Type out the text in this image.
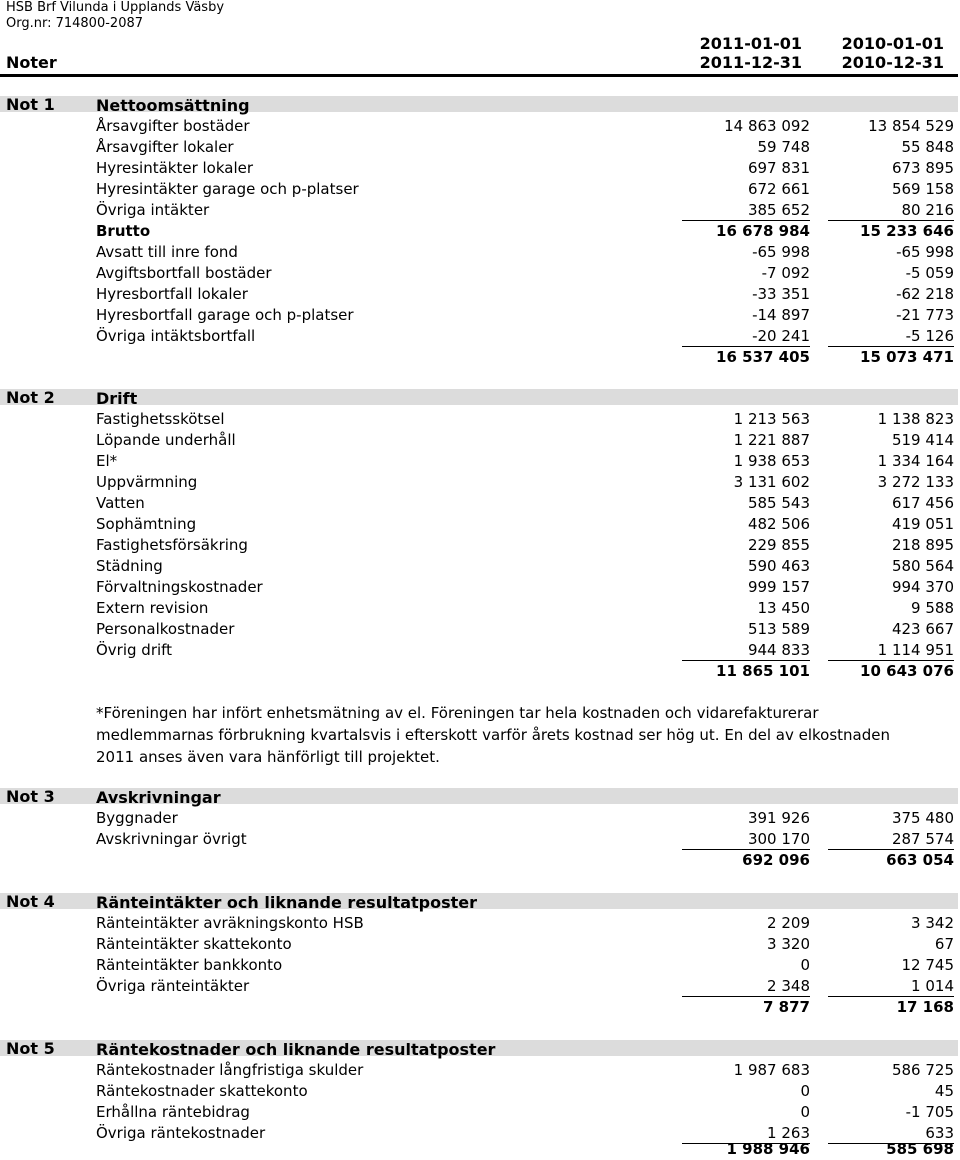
HSB Brf Vilunda i Upplands Väsby
Org.nr: 714800-2087
2011-01-01
2011-12-31
2010-01-01
2010-12-31
Noter
Not 1	Nettoomsättning
Årsavgifter bostäder	14 863 092	13 854 529
Årsavgifter lokaler	59 748	55 848
Hyresintäkter lokaler	697 831	673 895
Hyresintäkter garage och p-platser	672 661	569 158
Övriga intäkter	385 652	80 216
Brutto	16 678 984	15 233 646
Avsatt till inre fond	-65 998	-65 998
Avgiftsbortfall bostäder	-7 092	-5 059
Hyresbortfall lokaler	-33 351	-62 218
Hyresbortfall garage och p-platser	-14 897	-21 773
Övriga intäktsbortfall	-20 241	-5 126
16 537 405	15 073 471
Not 2	Drift
Fastighetsskötsel	1 213 563	1 138 823
Löpande underhåll	1 221 887	519 414
El*	1 938 653	1 334 164
Uppvärmning	3 131 602	3 272 133
Vatten	585 543	617 456
Sophämtning	482 506	419 051
Fastighetsförsäkring	229 855	218 895
Städning	590 463	580 564
Förvaltningskostnader	999 157	994 370
Extern revision	13 450	9 588
Personalkostnader	513 589	423 667
Övrig drift	944 833	1 114 951
11 865 101	10 643 076
*Föreningen har infört enhetsmätning av el. Föreningen tar hela kostnaden och vidarefakturerar
medlemmarnas förbrukning kvartalsvis i efterskott varför årets kostnad ser hög ut. En del av elkostnaden
2011 anses även vara hänförligt till projektet.
Not 3	Avskrivningar
Byggnader	391 926	375 480
Avskrivningar övrigt	300 170	287 574
692 096	663 054
Not 4	Ränteintäkter och liknande resultatposter
Ränteintäkter avräkningskonto HSB	2 209	3 342
Ränteintäkter skattekonto	3 320	67
Ränteintäkter bankkonto	0	12 745
Övriga ränteintäkter	2 348	1 014
7 877	17 168
Not 5	Räntekostnader och liknande resultatposter
Räntekostnader långfristiga skulder	1 987 683	586 725
Räntekostnader skattekonto	0	45
Erhållna räntebidrag	0	-1 705
Övriga räntekostnader	1 263	633
1 988 946	585 698
